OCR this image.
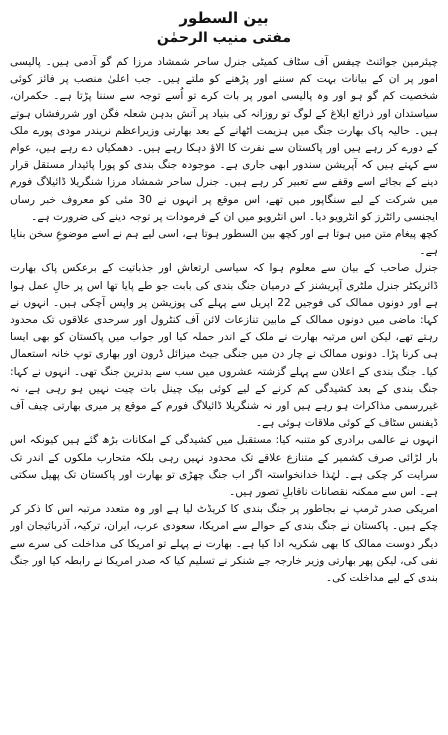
بین السطور
مفتی منیب الرحمٰن

چیئرمین جوائنٹ چیفس آف سٹاف کمیٹی جنرل ساحر شمشاد مرزا کم گو آدمی ہیں۔ پالیسی امور پر ان کے بیانات بہت کم سننے اور پڑھنے کو ملتے ہیں۔ جب اعلیٰ منصب پر فائز کوئی شخصیت کم گو ہو اور وہ پالیسی امور پر بات کرے تو اُسے توجہ سے سننا پڑتا ہے۔ حکمران، سیاستدان اور ذرائع ابلاغ کے لوگ تو روزانہ کی بنیاد پر آتش بدہن شعلہ فگن اور شررفشاں ہوتے ہیں۔ حالیہ پاک بھارت جنگ میں ہزیمت اٹھانے کے بعد بھارتی وزیراعظم نریندر مودی پورے ملک کے دورے کر رہے ہیں اور پاکستان سے نفرت کا الاؤ دہکا رہے ہیں۔ دھمکیاں دے رہے ہیں، عوام سے کہتے ہیں کہ آپریشن سندور ابھی جاری ہے۔ موجودہ جنگ بندی کو پورا پائیدار مستقل قرار دینے کے بجائے اسے وقفے سے تعبیر کر رہے ہیں۔ جنرل ساحر شمشاد مرزا شنگریلا ڈائیلاگ فورم میں شرکت کے لیے سنگاپور میں تھے، اس موقع پر انہوں نے 30 مئی کو معروف خبر رساں ایجنسی رائٹرز کو انٹرویو دیا۔ اس انٹرویو میں ان کے فرمودات پر توجہ دینے کی ضرورت ہے۔

کچھ پیغام متن میں ہوتا ہے اور کچھ بین السطور ہوتا ہے، اسی لیے ہم نے اسے موضوعِ سخن بنایا ہے۔

جنرل صاحب کے بیان سے معلوم ہوا کہ سیاسی ارتعاش اور جذباتیت کے برعکس پاک بھارت ڈائریکٹر جنرل ملٹری آپریشنز کے درمیان جنگ بندی کی بابت جو طے پایا تھا اس پر حالِ عمل ہوا ہے اور دونوں ممالک کی فوجیں 22 اپریل سے پہلے کی پوزیشن پر واپس آچکی ہیں۔ انہوں نے کہا: ماضی میں دونوں ممالک کے مابین تنازعات لائن آف کنٹرول اور سرحدی علاقوں تک محدود رہتے تھے، لیکن اس مرتبہ بھارت نے ملک کے اندر حملہ کیا اور جواب میں پاکستان کو بھی ایسا ہی کرنا پڑا۔ دونوں ممالک نے چار دن میں جنگی جیٹ میزائل ڈرون اور بھاری توپ خانہ استعمال کیا۔ جنگ بندی کے اعلان سے پہلے گزشتہ عشروں میں سب سے بدترین جنگ تھی۔ انہوں نے کہا: جنگ بندی کے بعد کشیدگی کم کرنے کے لیے کوئی بیک چینل بات چیت نہیں ہو رہی ہے، نہ غیررسمی مذاکرات ہو رہے ہیں اور نہ شنگریلا ڈائیلاگ فورم کے موقع پر میری بھارتی چیف آف ڈیفنس سٹاف کے کوئی ملاقات ہوئی ہے۔

انہوں نے عالمی برادری کو متنبہ کیا: مستقبل میں کشیدگی کے امکانات بڑھ گئے ہیں کیونکہ اس بار لڑائی صرف کشمیر کے متنازع علاقے تک محدود نہیں رہی بلکہ متحارب ملکوں کے اندر تک سرایت کر چکی ہے۔ لہٰذا خدانخواستہ اگر اب جنگ چھڑی تو بھارت اور پاکستان تک پھیل سکتی ہے۔ اس سے ممکنہ نقصانات ناقابلِ تصور ہیں۔

امریکی صدر ٹرمپ نے بجاطور پر جنگ بندی کا کریڈٹ لیا ہے اور وہ متعدد مرتبہ اس کا ذکر کر چکے ہیں۔ پاکستان نے جنگ بندی کے حوالے سے امریکا، سعودی عرب، ایران، ترکیہ، آذربائیجان اور دیگر دوست ممالک کا بھی شکریہ ادا کیا ہے۔ بھارت نے پہلے تو امریکا کی مداخلت کی سرے سے نفی کی، لیکن پھر بھارتی وزیر خارجہ جے شنکر نے تسلیم کیا کہ صدر امریکا نے رابطہ کیا اور جنگ بندی کے لیے مداخلت کی۔
